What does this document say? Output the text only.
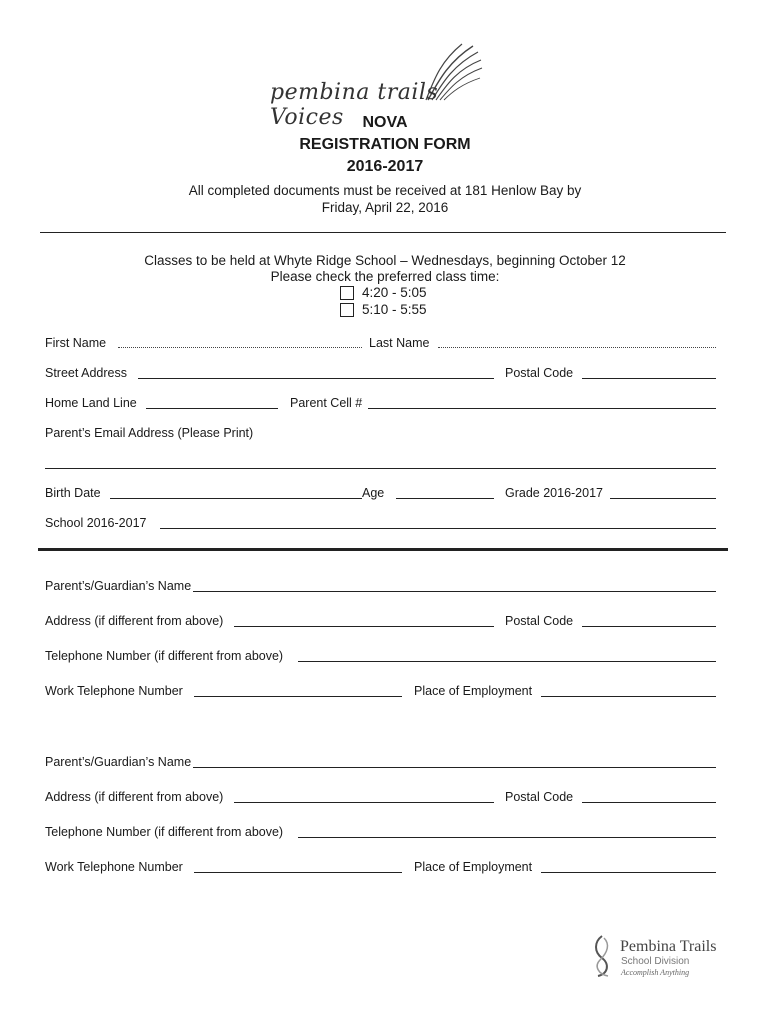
pembina trails Voices	NOVA
REGISTRATION FORM
2016-2017
All completed documents must be received at 181 Henlow Bay by
Friday, April 22, 2016
Classes to be held at Whyte Ridge School – Wednesdays, beginning October 12
Please check the preferred class time:
4:20 - 5:05
5:10 - 5:55
First Name	Last Name
Street Address	Postal Code
Home Land Line	Parent Cell #
Parent’s Email Address (Please Print)
Birth Date	Age	Grade 2016-2017
School 2016-2017
Parent’s/Guardian’s Name
Address (if different from above)	Postal Code
Telephone Number (if different from above)
Work Telephone Number	Place of Employment
Parent’s/Guardian’s Name
Address (if different from above)	Postal Code
Telephone Number (if different from above)
Work Telephone Number	Place of Employment
Pembina Trails
School Division
Accomplish Anything
